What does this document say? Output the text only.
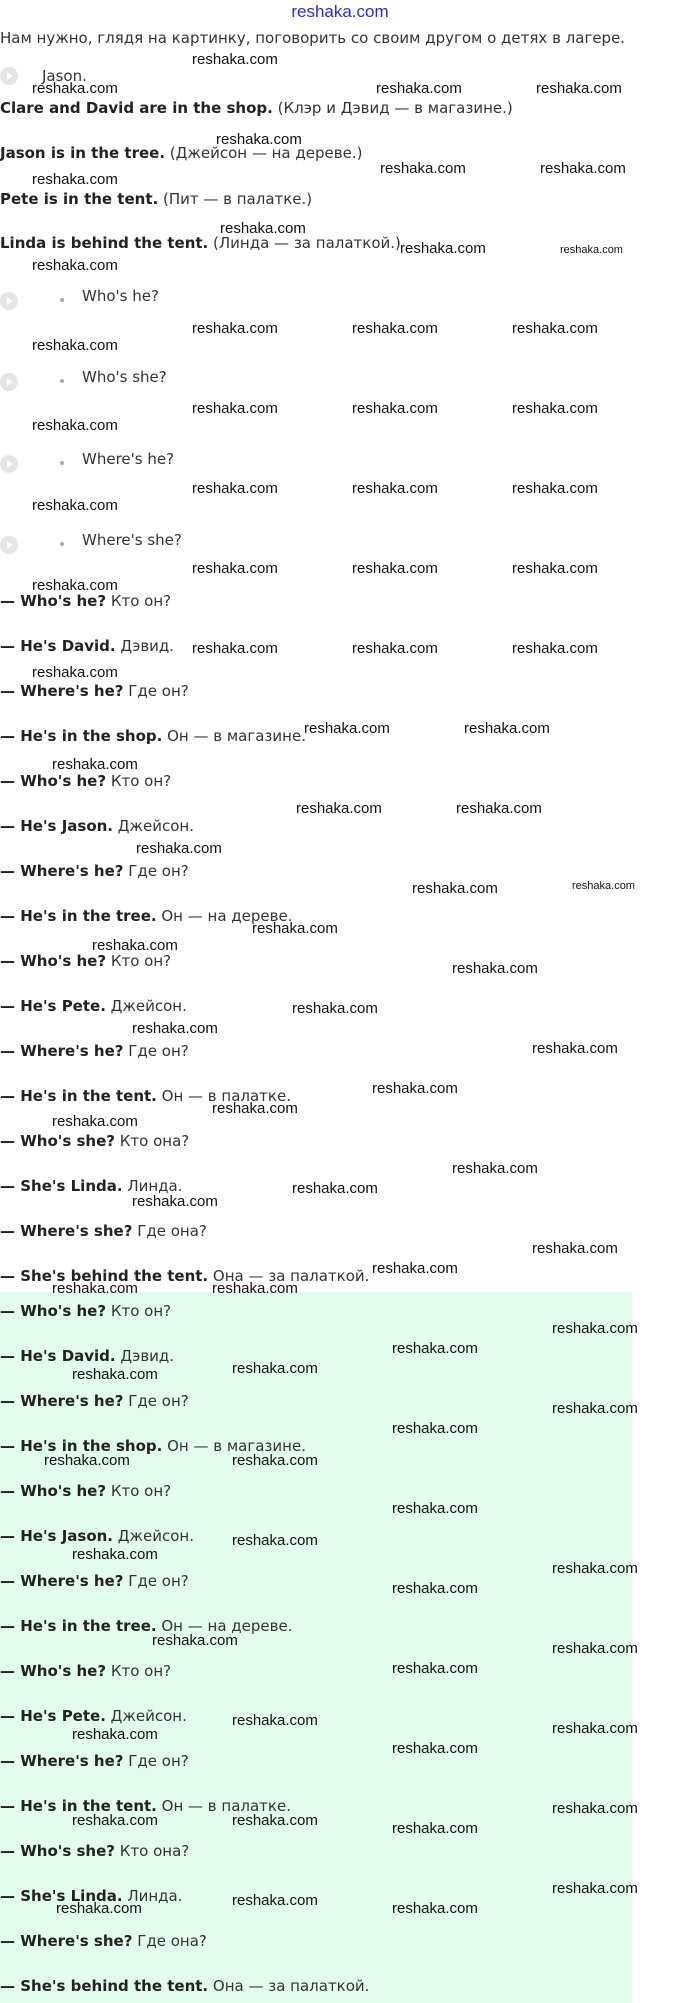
reshaka.com
Нам нужно, глядя на картинку, поговорить со своим другом о детях в лагере.
Jason.
Clare and David are in the shop. (Клэр и Дэвид — в магазине.)
Jason is in the tree. (Джейсон — на дереве.)
Pete is in the tent. (Пит — в палатке.)
Linda is behind the tent. (Линда — за палаткой.)
Who's he?
Who's she?
Where's he?
Where's she?
— Who's he? Кто он?
— He's David. Дэвид.
— Where's he? Где он?
— He's in the shop. Он — в магазине.
— Who's he? Кто он?
— He's Jason. Джейсон.
— Where's he? Где он?
— He's in the tree. Он — на дереве.
— Who's he? Кто он?
— He's Pete. Джейсон.
— Where's he? Где он?
— He's in the tent. Он — в палатке.
— Who's she? Кто она?
— She's Linda. Линда.
— Where's she? Где она?
— She's behind the tent. Она — за палаткой.
— Who's he? Кто он?
— He's David. Дэвид.
— Where's he? Где он?
— He's in the shop. Он — в магазине.
— Who's he? Кто он?
— He's Jason. Джейсон.
— Where's he? Где он?
— He's in the tree. Он — на дереве.
— Who's he? Кто он?
— He's Pete. Джейсон.
— Where's he? Где он?
— He's in the tent. Он — в палатке.
— Who's she? Кто она?
— She's Linda. Линда.
— Where's she? Где она?
— She's behind the tent. Она — за палаткой.
reshaka.com
reshaka.com	reshaka.com	reshaka.com
reshaka.com
reshaka.com	reshaka.com
reshaka.com
reshaka.com
reshaka.com	reshaka.com
reshaka.com
reshaka.com	reshaka.com	reshaka.com
reshaka.com
reshaka.com	reshaka.com	reshaka.com
reshaka.com
reshaka.com	reshaka.com	reshaka.com
reshaka.com
reshaka.com	reshaka.com	reshaka.com
reshaka.com
reshaka.com	reshaka.com	reshaka.com
reshaka.com
reshaka.com	reshaka.com
reshaka.com
reshaka.com	reshaka.com
reshaka.com
reshaka.com	reshaka.com
reshaka.com
reshaka.com
reshaka.com
reshaka.com
reshaka.com
reshaka.com
reshaka.com
reshaka.com
reshaka.com
reshaka.com
reshaka.com
reshaka.com
reshaka.com
reshaka.com
reshaka.com	reshaka.com
reshaka.com
reshaka.com
reshaka.com	reshaka.com
reshaka.com
reshaka.com
reshaka.com	reshaka.com
reshaka.com
reshaka.com
reshaka.com
reshaka.com
reshaka.com
reshaka.com
reshaka.com
reshaka.com
reshaka.com
reshaka.com	reshaka.com
reshaka.com
reshaka.com
reshaka.com	reshaka.com	reshaka.com
reshaka.com
reshaka.com	reshaka.com	reshaka.com
